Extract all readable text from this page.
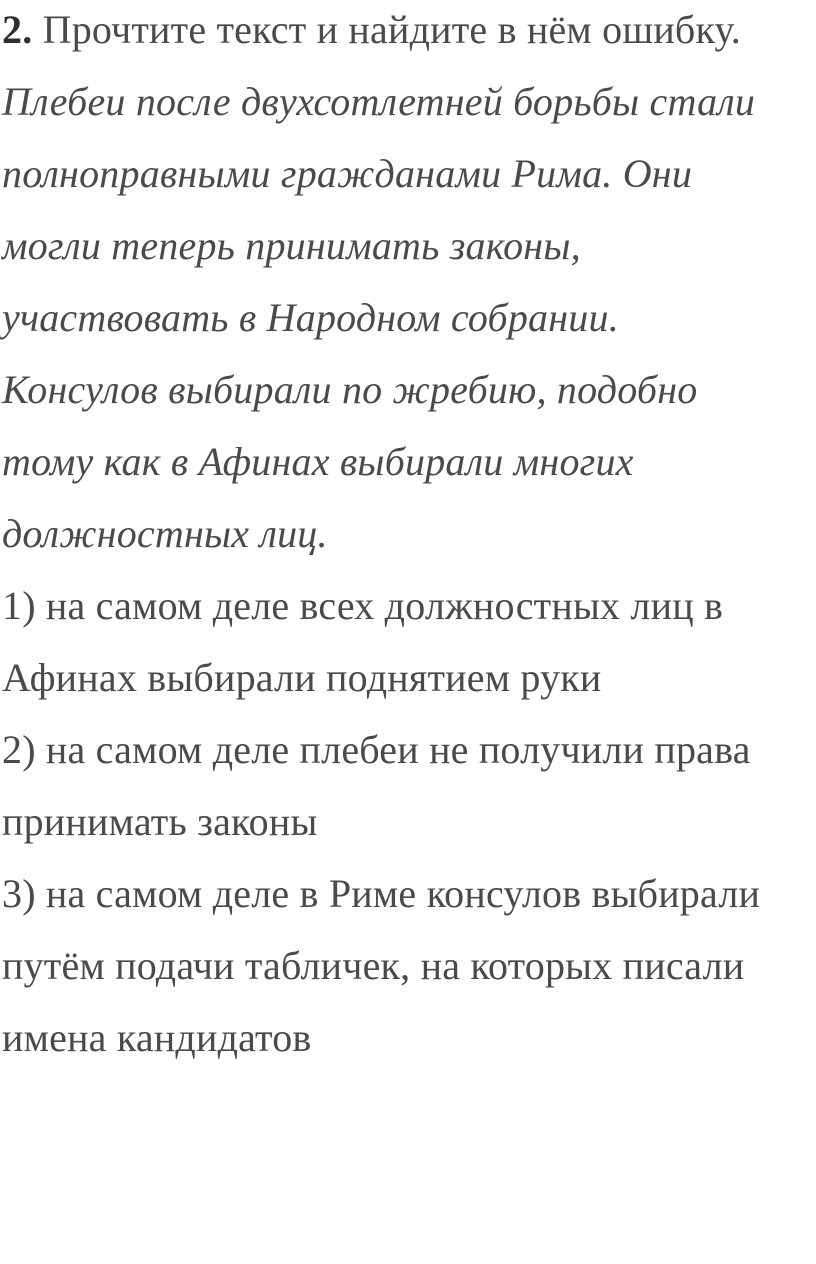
2. Прочтите текст и найдите в нём ошибку.
Плебеи после двухсотлетней борьбы стали
полноправными гражданами Рима. Они
могли теперь принимать законы,
участвовать в Народном собрании.
Консулов выбирали по жребию, подобно
тому как в Афинах выбирали многих
должностных лиц.
1) на самом деле всех должностных лиц в
Афинах выбирали поднятием руки
2) на самом деле плебеи не получили права
принимать законы
3) на самом деле в Риме консулов выбирали
путём подачи табличек, на которых писали
имена кандидатов
